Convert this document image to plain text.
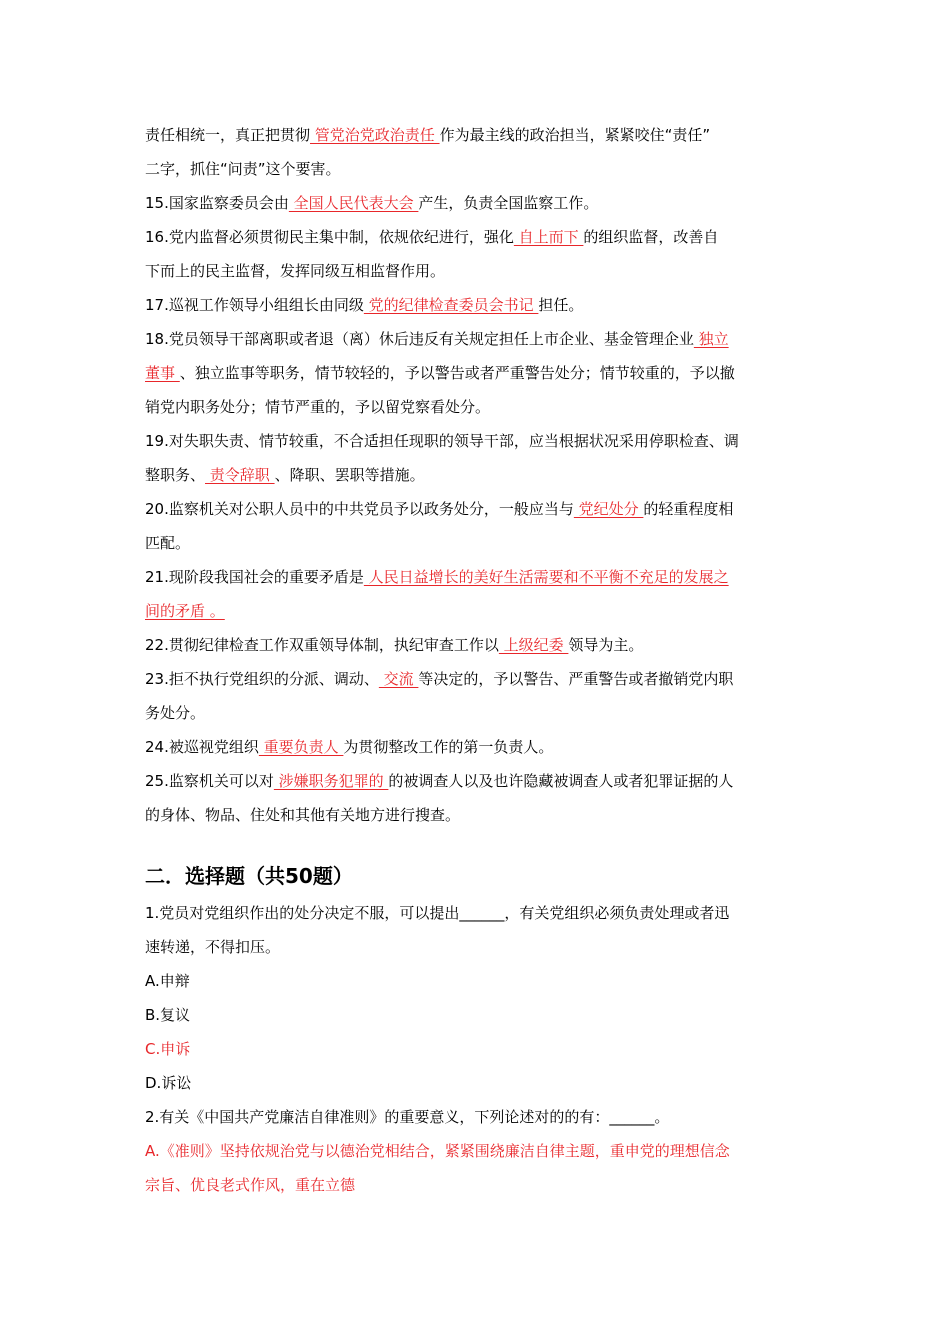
责任相统一，真正把贯彻 管党治党政治责任 作为最主线的政治担当，紧紧咬住“责任”
二字，抓住“问责”这个要害。
15.国家监察委员会由 全国人民代表大会 产生，负责全国监察工作。
16.党内监督必须贯彻民主集中制，依规依纪进行，强化 自上而下 的组织监督，改善自
下而上的民主监督，发挥同级互相监督作用。
17.巡视工作领导小组组长由同级 党的纪律检查委员会书记 担任。
18.党员领导干部离职或者退（离）休后违反有关规定担任上市企业、基金管理企业 独立
董事 、独立监事等职务，情节较轻的，予以警告或者严重警告处分；情节较重的，予以撤
销党内职务处分；情节严重的，予以留党察看处分。
19.对失职失责、情节较重，不合适担任现职的领导干部，应当根据状况采用停职检查、调
整职务、 责令辞职 、降职、罢职等措施。
20.监察机关对公职人员中的中共党员予以政务处分，一般应当与 党纪处分 的轻重程度相
匹配。
21.现阶段我国社会的重要矛盾是 人民日益增长的美好生活需要和不平衡不充足的发展之
间的矛盾 。
22.贯彻纪律检查工作双重领导体制，执纪审查工作以 上级纪委 领导为主。
23.拒不执行党组织的分派、调动、 交流 等决定的，予以警告、严重警告或者撤销党内职
务处分。
24.被巡视党组织 重要负责人 为贯彻整改工作的第一负责人。
25.监察机关可以对 涉嫌职务犯罪的 的被调查人以及也许隐藏被调查人或者犯罪证据的人
的身体、物品、住处和其他有关地方进行搜查。
二．选择题（共50题）
1.党员对党组织作出的处分决定不服，可以提出______，有关党组织必须负责处理或者迅
速转递，不得扣压。
A.申辩
B.复议
C.申诉
D.诉讼
2.有关《中国共产党廉洁自律准则》的重要意义，下列论述对的的有：______。
A.《准则》坚持依规治党与以德治党相结合，紧紧围绕廉洁自律主题，重申党的理想信念
宗旨、优良老式作风，重在立德
